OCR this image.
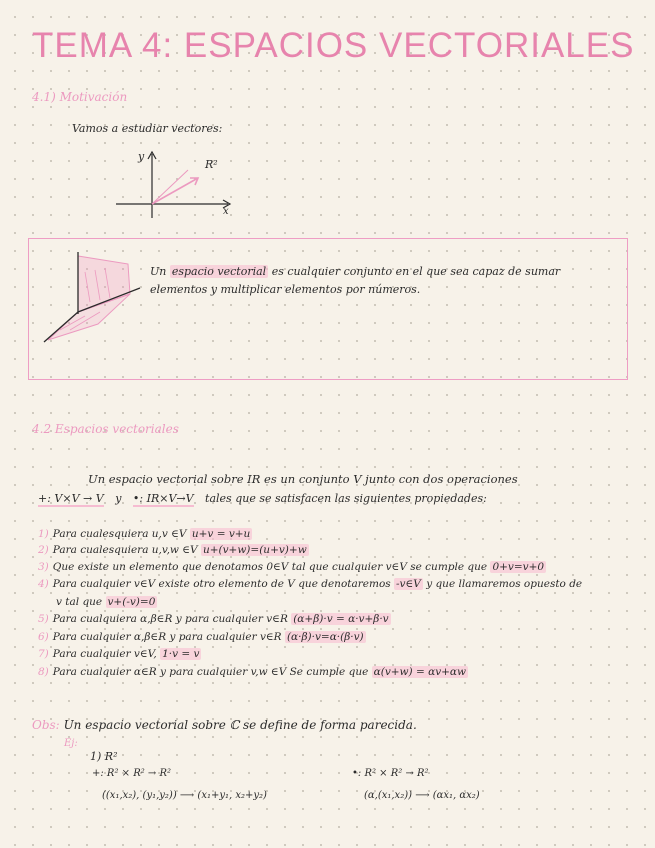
TEMA 4: ESPACIOS VECTORIALES
4.1) Motivación
Vamos a estudiar vectores:
y
x
R²
Un espacio vectorial es cualquier conjunto en el que sea capaz de sumar
elementos y multiplicar elementos por números.
4.2 Espacios vectoriales
Un espacio vectorial sobre IR es un conjunto V junto con dos operaciones
+: V×V → V y •: IR×V→V tales que se satisfacen las siguientes propiedades:
1) Para cualesquiera u,v ∈V u+v = v+u
2) Para cualesquiera u,v,w ∈V u+(v+w)=(u+v)+w
3) Que existe un elemento que denotamos 0∈V tal que cualquier v∈V se cumple que 0+v=v+0
4) Para cualquier v∈V existe otro elemento de V que denotaremos -v∈V y que llamaremos opuesto de
v tal que v+(-v)=0
5) Para cualquiera α,β∈R y para cualquier v∈R (α+β)·v = α·v+β·v
6) Para cualquier α,β∈R y para cualquier v∈R (α·β)·v=α·(β·v)
7) Para cualquier v∈V, 1·v = v
8) Para cualquier α∈R y para cualquier v,w ∈V Se cumple que α(v+w) = αv+αw
Obs: Un espacio vectorial sobre ℂ se define de forma parecida.
Ej:
1) R²
+: R² × R² → R²
((x₁,x₂), (y₁,y₂)) ⟶ (x₁+y₁, x₂+y₂)
•: R² × R² → R²
(α,(x₁,x₂)) ⟶ (αx₁, αx₂)
